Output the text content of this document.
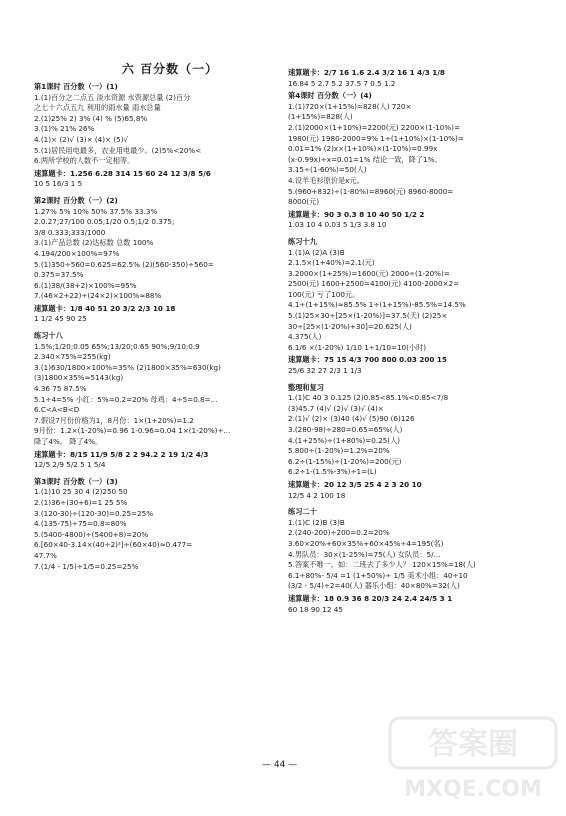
六 百分数（一）
第1课时 百分数（一）(1)
1.(1)百分之二点五 淡水资源 水资源总量 (2)百分
之七十六点五九 利用的雨水量 雨水总量
2.(1)25% 2) 3% (4) % (5)65.8%
3.(1)% 21% 26%
4.(1)× (2)√ (3)× (4)× (5)√
5.(1)居民用电最多，农业用电最少。(2)5%<20%<
6.两所学校的人数不一定相等。
速算题卡：1.256 6.28 314 15 60 24 12 3/8 5/6
10 5 16/3 1 5
第2课时 百分数（一）(2)
1.27% 5% 10% 50% 37.5% 33.3%
2.0.27;27/100 0.05;1/20 0.5;1/2 0.375;
3/8 0.333;333/1000
3.(1)产品总数 (2)达标数 总数 100%
4.194/200×100%=97%
5.(1)350÷560=0.625=62.5% (2)(560-350)÷560=
0.375=37.5%
6.(1)38/(38+2)×100%=95%
7.(46×2+22)÷(24×2)×100%≈88%
速算题卡：1/8 40 51 20 3/2 2/3 10 18
1 1/2 45 90 25
练习十八
1.5%;1/20;0.05 65%;13/20;0.65 90%;9/10;0.9
2.340×75%=255(kg)
3.(1)630/1800×100%=35% (2)1800×35%=630(kg)
(3)1800×35%≈5143(kg)
4.36 75 87.5%
5.1÷4=5% 小红：5%=0.2=20% 母鸡：4÷5=0.8=...
6.C<A<B<D
7.假设7月份价格为1，8月份：1×(1+20%)=1.2
9月份：1.2×(1-20%)=0.96 1-0.96=0.04 1×(1-20%)÷...
降了4%。 降了4%。
速算题卡：8/15 11/9 5/8 2 2 94.2 2 19 1/2 4/3
12/5 2/9 5/2 5 1 5/4
第3课时 百分数（一）(3)
1.(1)10 25 30 4 (2)250 50
2.(1)36÷(30+6)=1 25 5%
3.(120-30)÷(120-30)=0.25=25%
4.(135-75)÷75=0.8=80%
5.(5400-4800)÷(5400+8)=20%
6.[60×40-3.14×(40÷2)²]÷(60×40)≈0.477=
47.7%
7.(1/4 - 1/5)÷1/5=0.25=25%
速算题卡：2/7 16 1.6 2.4 3/2 16 1 4/3 1/8
16.84 5 2.7 5.2 37.5 7 0.5 1.2
第4课时 百分数（一）(4)
1.(1)720×(1+15%)=828(人) 720×
(1+15%)=828(人)
2.(1)2000×(1+10%)=2200(元) 2200×(1-10%)=
1980(元) 1980-2000=9% 1÷(1+10%)×(1-10%)=
0.01=1% (2)x×(1+10%)×(1-10%)=0.99x
(x-0.99x)÷x=0.01=1% 结论一致，降了1%。
3.15÷(1-60%)=50(人)
4.设羊毛衫原价是x元。
5.(960+832)÷(1-80%)=8960(元) 8960-8000=
8000(元)
速算题卡：90 3 0.3 8 10 40 50 1/2 2
1.03 10 4 0.03 5 1/3 3.8 10
练习十九
1.(1)A (2)A (3)B
2.1.5×(1+40%)=2.1(元)
3.2000×(1+25%)=1600(元) 2000÷(1-20%)=
2500(元) 1600+2500=4100(元) 4100-2000×2=
100(元) 亏了100元。
4.1÷(1+15%)≈85.5% 1÷(1+15%)-85.5%=14.5%
5.(1)25×30÷[25×(1-20%)]=37.5(天) (2)25×
30÷[25×(1-20%)+30]=20.625(人)
4.375(人)
6.1/6 ×(1-20%) 1/10 1÷1/10=10(小时)
速算题卡：75 15 4/3 700 800 0.03 200 15
25/6 32 27 2/3 1 1/3
整理和复习
1.(1)C 40 3 0.125 (2)0.85<85.1%<0.85<7/8
(3)45.7 (4)√ (2)√ (3)√ (4)×
2.(1)√ (2)× (3)40 (4)√ (5)90 (6)126
3.(280-98)÷280=0.65=65%(人)
4.(1+25%)÷(1+80%)=0.25(人)
5.800÷(1-20%)=1.2%=20%
6.2÷(1-15%)÷(1-20%)=200(元)
6.2÷1-(1.5%-3%)÷1=(L)
速算题卡：20 12 3/5 25 4 2 3 20 10
12/5 4 2 100 18
练习二十
1.(1)C (2)B (3)B
2.(240-200)÷200=0.2=20%
3.60×20%+60×35%+60×45%÷4=195(名)
4.男队员：30×(1-25%)=75(人) 女队员：5/...
5.答案不唯一。如：二班去了多少人？ 120×15%=18(人)
6.1÷80%- 5/4 =1 (1+50%)÷ 1/5 美术小组：40÷10
(3/2 - 5/4)÷2=40(人) 器乐小组：40×80%=32(人)
速算题卡：18 0.9 36 8 20/3 24 2.4 24/5 3 1
60 18 90 12 45
— 44 —
答案圈
MXQE.COM
